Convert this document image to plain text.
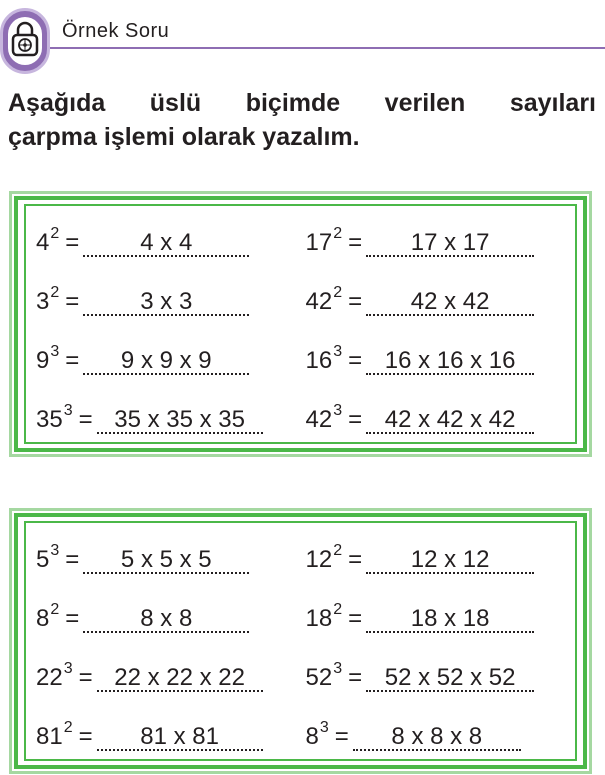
Örnek Soru
Aşağıda üslü biçimde verilen sayıları
çarpma işlemi olarak yazalım.
4 2 =	4 x 4	17 2 =	17 x 17
3 2 =	3 x 3	42 2 =	42 x 42
9 3 =	9 x 9 x 9	16 3 = 16 x 16 x 16
35 3 = 35 x 35 x 35	42 3 = 42 x 42 x 42
5 3 =	5 x 5 x 5	12 2 =	12 x 12
8 2 =	8 x 8	18 2 =	18 x 18
22 3 = 22 x 22 x 22	52 3 = 52 x 52 x 52
81 2 =	81 x 81	8 3 =	8 x 8 x 8
